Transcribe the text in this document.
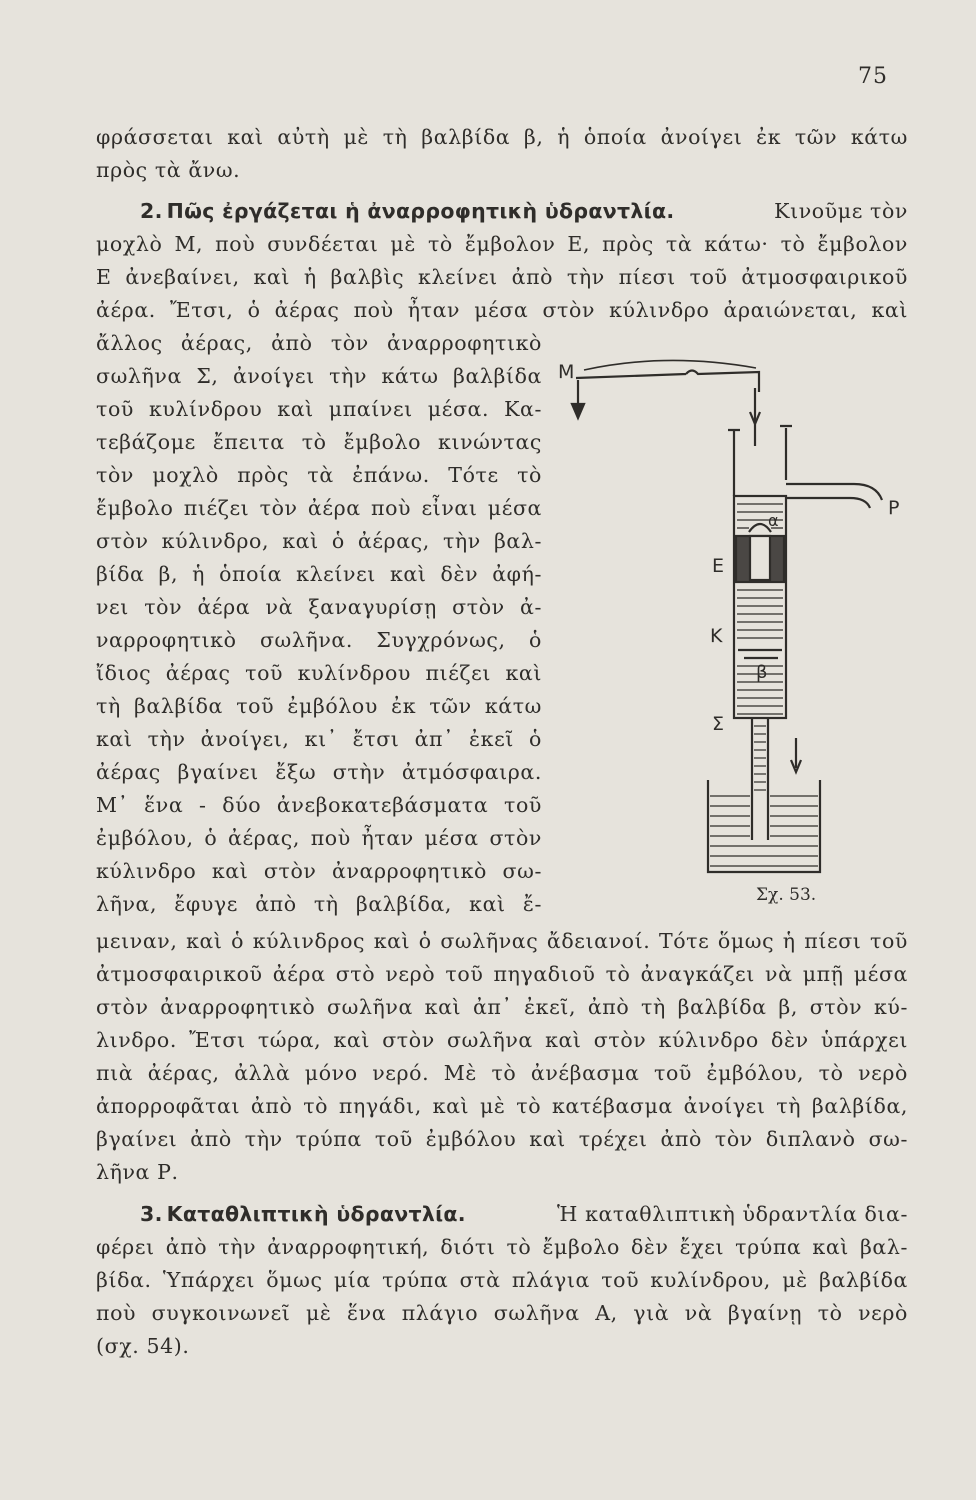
75
φράσσεται καὶ αὐτὴ μὲ τὴ βαλβίδα β, ἡ ὁποία ἀνοίγει ἐκ τῶν κάτω
πρὸς τὰ ἄνω.
2. Πῶς ἐργάζεται ἡ ἀναρροφητικὴ ὑδραντλία.	Κινοῦμε τὸν
μοχλὸ Μ, ποὺ συνδέεται μὲ τὸ ἔμβολον Ε, πρὸς τὰ κάτω· τὸ ἔμβολον
Ε ἀνεβαίνει, καὶ ἡ βαλβὶς κλείνει ἀπὸ τὴν πίεσι τοῦ ἀτμοσφαιρικοῦ
ἀέρα. Ἔτσι, ὁ ἀέρας ποὺ ἦταν μέσα στὸν κύλινδρο ἀραιώνεται, καὶ
ἄλλος ἀέρας, ἀπὸ τὸν ἀναρροφητικὸ
σωλῆνα Σ, ἀνοίγει τὴν κάτω βαλβίδα
τοῦ κυλίνδρου καὶ μπαίνει μέσα. Κα-
τεβάζομε ἔπειτα τὸ ἔμβολο κινώντας
τὸν μοχλὸ πρὸς τὰ ἐπάνω. Τότε τὸ
ἔμβολο πιέζει τὸν ἀέρα ποὺ εἶναι μέσα
στὸν κύλινδρο, καὶ ὁ ἀέρας, τὴν βαλ-
βίδα β, ἡ ὁποία κλείνει καὶ δὲν ἀφή-
νει τὸν ἀέρα νὰ ξαναγυρίσῃ στὸν ἀ-
ναρροφητικὸ σωλῆνα. Συγχρόνως, ὁ
ἴδιος ἀέρας τοῦ κυλίνδρου πιέζει καὶ
τὴ βαλβίδα τοῦ ἐμβόλου ἐκ τῶν κάτω
καὶ τὴν ἀνοίγει, κι᾽ ἔτσι ἀπ᾽ ἐκεῖ ὁ
ἀέρας βγαίνει ἔξω στὴν ἀτμόσφαιρα.
Μ᾽ ἕνα - δύο ἀνεβοκατεβάσματα τοῦ
ἐμβόλου, ὁ ἀέρας, ποὺ ἦταν μέσα στὸν
κύλινδρο καὶ στὸν ἀναρροφητικὸ σω-
λῆνα, ἔφυγε ἀπὸ τὴ βαλβίδα, καὶ ἔ-
μειναν, καὶ ὁ κύλινδρος καὶ ὁ σωλῆνας ἄδειανοί. Τότε ὅμως ἡ πίεσι τοῦ
ἀτμοσφαιρικοῦ ἀέρα στὸ νερὸ τοῦ πηγαδιοῦ τὸ ἀναγκάζει νὰ μπῇ μέσα
στὸν ἀναρροφητικὸ σωλῆνα καὶ ἀπ᾽ ἐκεῖ, ἀπὸ τὴ βαλβίδα β, στὸν κύ-
λινδρο. Ἔτσι τώρα, καὶ στὸν σωλῆνα καὶ στὸν κύλινδρο δὲν ὑπάρχει
πιὰ ἀέρας, ἀλλὰ μόνο νερό. Μὲ τὸ ἀνέβασμα τοῦ ἐμβόλου, τὸ νερὸ
ἀπορροφᾶται ἀπὸ τὸ πηγάδι, καὶ μὲ τὸ κατέβασμα ἀνοίγει τὴ βαλβίδα,
βγαίνει ἀπὸ τὴν τρύπα τοῦ ἐμβόλου καὶ τρέχει ἀπὸ τὸν διπλανὸ σω-
λῆνα Ρ.
3. Καταθλιπτικὴ ὑδραντλία.	Ἡ καταθλιπτικὴ ὑδραντλία δια-
φέρει ἀπὸ τὴν ἀναρροφητική, διότι τὸ ἔμβολο δὲν ἔχει τρύπα καὶ βαλ-
βίδα. Ὑπάρχει ὅμως μία τρύπα στὰ πλάγια τοῦ κυλίνδρου, μὲ βαλβίδα
ποὺ συγκοινωνεῖ μὲ ἕνα πλάγιο σωλῆνα Α, γιὰ νὰ βγαίνῃ τὸ νερὸ
(σχ. 54).
Μ
Ρ
Ε
Κ
Σ
α
β
Σχ. 53.
